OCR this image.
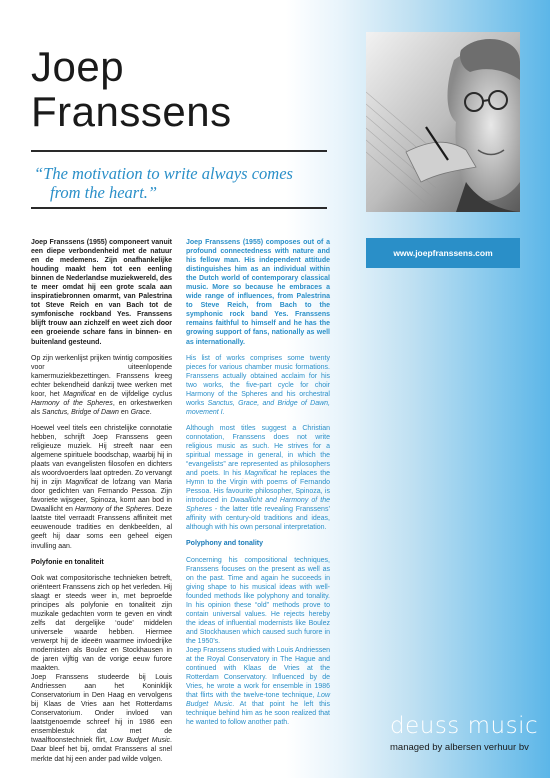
Joep
Franssens
“The motivation to write always comes
from the heart.”
www.joepfranssens.com

Joep Franssens (1955) componeert vanuit een diepe verbondenheid met de natuur en de medemens. Zijn onafhankelijke houding maakt hem tot een eenling binnen de Nederlandse muziekwereld, des te meer omdat hij een grote scala aan inspiratiebronnen omarmt, van Palestrina tot Steve Reich en van Bach tot de symfonische rockband Yes. Franssens blijft trouw aan zichzelf en weet zich door een groeiende schare fans in binnen- en buitenland gesteund.

Op zijn werkenlijst prijken twintig composities voor uiteenlopende kamermuziekbezettingen. Franssens kreeg echter bekendheid dankzij twee werken met koor, het Magnificat en de vijfdelige cyclus Harmony of the Spheres, en orkestwerken als Sanctus, Bridge of Dawn en Grace.

Hoewel veel titels een christelijke connotatie hebben, schrijft Joep Franssens geen religieuze muziek. Hij streeft naar een algemene spirituele boodschap, waarbij hij in plaats van evangelisten filosofen en dichters als woordvoerders laat optreden. Zo vervangt hij in zijn Magnificat de lofzang van Maria door gedichten van Fernando Pessoa. Zijn favoriete wijsgeer, Spinoza, komt aan bod in Dwaallicht en Harmony of the Spheres. Deze laatste titel verraadt Franssens affiniteit met eeuwenoude tradities en denkbeelden, al geeft hij daar soms een geheel eigen invulling aan.

Polyfonie en tonaliteit

Ook wat compositorische technieken betreft, oriënteert Franssens zich op het verleden. Hij slaagt er steeds weer in, met beproefde principes als polyfonie en tonaliteit zijn muzikale gedachten vorm te geven en vindt zelfs dat dergelijke ‘oude’ middelen universele waarde hebben. Hiermee verwerpt hij de ideeën waarmee invloedrijke modernisten als Boulez en Stockhausen in de jaren vijftig van de vorige eeuw furore maakten.

Joep Franssens studeerde bij Louis Andriessen aan het Koninklijk Conservatorium in Den Haag en vervolgens bij Klaas de Vries aan het Rotterdams Conservatorium. Onder invloed van laatstgenoemde schreef hij in 1986 een ensemblestuk dat met de twaalftoonstechniek flirt, Low Budget Music. Daar bleef het bij, omdat Franssens al snel merkte dat hij een ander pad wilde volgen.

Joep Franssens (1955) composes out of a profound connectedness with nature and his fellow man. His independent attitude distinguishes him as an individual within the Dutch world of contemporary classical music. More so because he embraces a wide range of influences, from Palestrina to Steve Reich, from Bach to the symphonic rock band Yes. Franssens remains faithful to himself and he has the growing support of fans, nationally as well as internationally.

His list of works comprises some twenty pieces for various chamber music formations. Franssens actually obtained acclaim for his two works, the five-part cycle for choir Harmony of the Spheres and his orchestral works Sanctus, Grace, and Bridge of Dawn, movement I.

Although most titles suggest a Christian connotation, Franssens does not write religious music as such. He strives for a spiritual message in general, in which the “evangelists” are represented as philosophers and poets. In his Magnificat he replaces the Hymn to the Virgin with poems of Fernando Pessoa. His favourite philosopher, Spinoza, is introduced in Dwaallicht and Harmony of the Spheres - the latter title revealing Franssens’ affinity with century-old traditions and ideas, although with his own personal interpretation.

Polyphony and tonality

Concerning his compositional techniques, Franssens focuses on the present as well as on the past. Time and again he succeeds in giving shape to his musical ideas with well-founded methods like polyphony and tonality. In his opinion these “old” methods prove to contain universal values. He rejects hereby the ideas of influential modernists like Boulez and Stockhausen which caused such furore in the 1950’s.

Joep Franssens studied with Louis Andriessen at the Royal Conservatory in The Hague and continued with Klaas de Vries at the Rotterdam Conservatory. Influenced by de Vries, he wrote a work for ensemble in 1986 that flirts with the twelve-tone technique, Low Budget Music. At that point he left this technique behind him as he soon realized that he wanted to follow another path.	deuss music
managed by albersen verhuur bv
